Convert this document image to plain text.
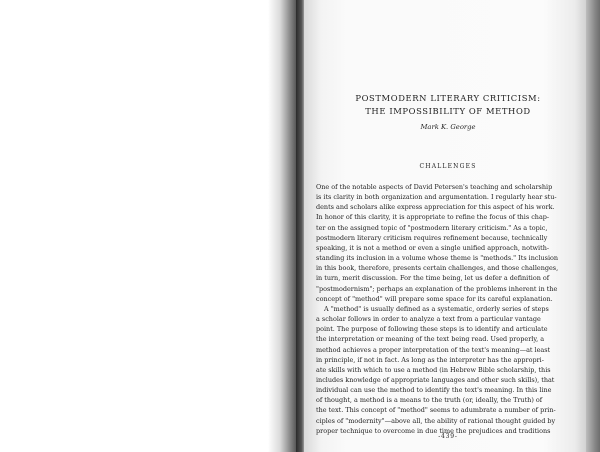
POSTMODERN LITERARY CRITICISM:
THE IMPOSSIBILITY OF METHOD
Mark K. George
CHALLENGES
One of the notable aspects of David Petersen's teaching and scholarship
is its clarity in both organization and argumentation. I regularly hear stu-
dents and scholars alike express appreciation for this aspect of his work.
In honor of this clarity, it is appropriate to refine the focus of this chap-
ter on the assigned topic of "postmodern literary criticism." As a topic,
postmodern literary criticism requires refinement because, technically
speaking, it is not a method or even a single unified approach, notwith-
standing its inclusion in a volume whose theme is "methods." Its inclusion
in this book, therefore, presents certain challenges, and those challenges,
in turn, merit discussion. For the time being, let us defer a definition of
"postmodernism"; perhaps an explanation of the problems inherent in the
concept of "method" will prepare some space for its careful explanation.
A "method" is usually defined as a systematic, orderly series of steps
a scholar follows in order to analyze a text from a particular vantage
point. The purpose of following these steps is to identify and articulate
the interpretation or meaning of the text being read. Used properly, a
method achieves a proper interpretation of the text's meaning—at least
in principle, if not in fact. As long as the interpreter has the appropri-
ate skills with which to use a method (in Hebrew Bible scholarship, this
includes knowledge of appropriate languages and other such skills), that
individual can use the method to identify the text's meaning. In this line
of thought, a method is a means to the truth (or, ideally, the Truth) of
the text. This concept of "method" seems to adumbrate a number of prin-
ciples of "modernity"—above all, the ability of rational thought guided by
proper technique to overcome in due time the prejudices and traditions
-439-
